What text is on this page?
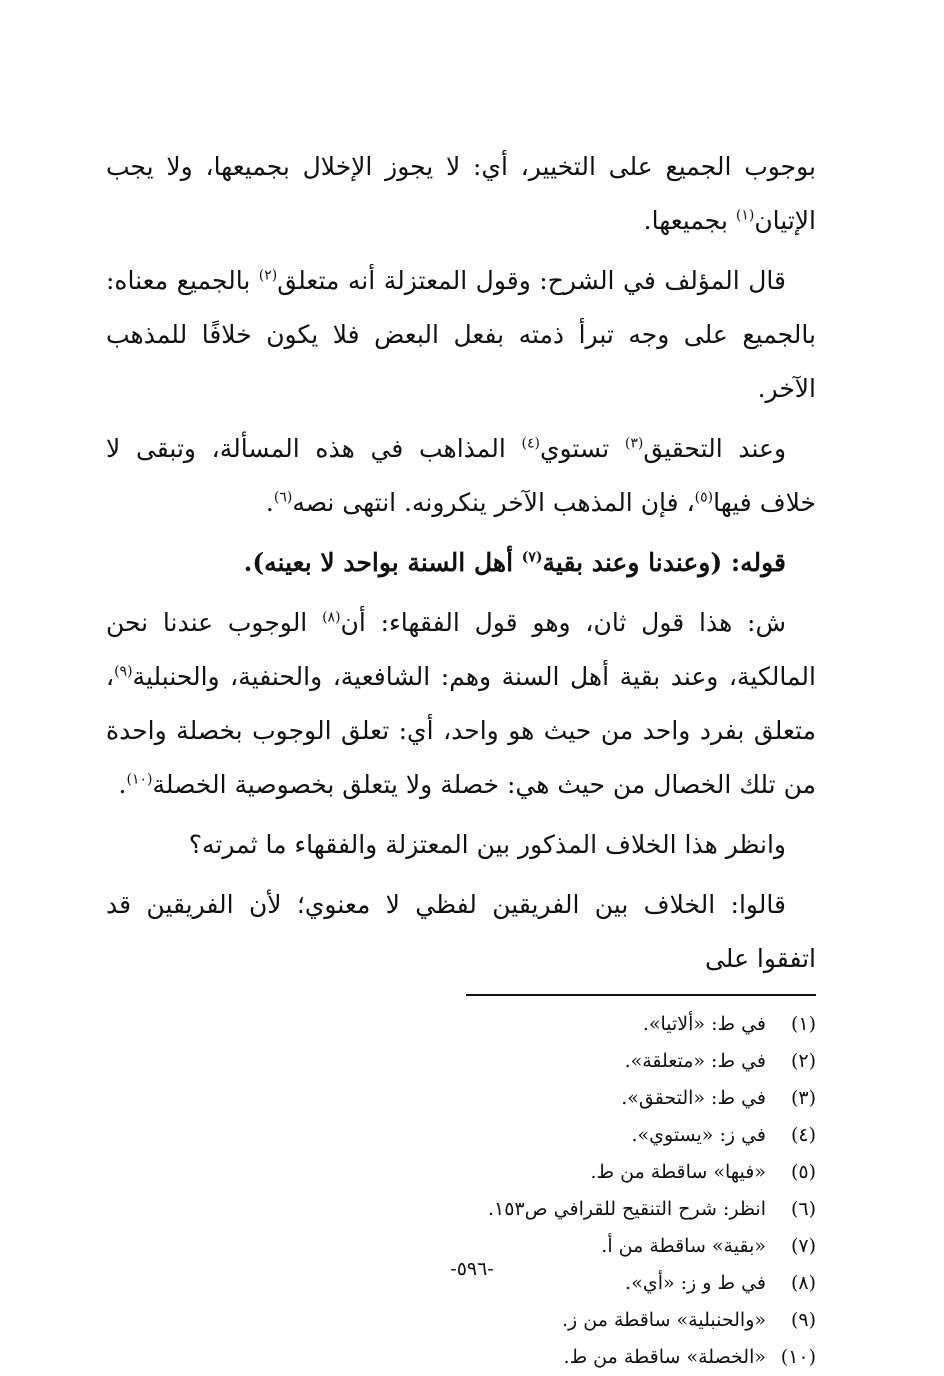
بوجوب الجميع على التخيير، أي: لا يجوز الإخلال بجميعها، ولا يجب الإتيان$^{(١)}$ بجميعها.

قال المؤلف في الشرح: وقول المعتزلة أنه متعلق$^{(٢)}$ بالجميع معناه: بالجميع على وجه تبرأ ذمته بفعل البعض فلا يكون خلافًا للمذهب الآخر.

وعند التحقيق$^{(٣)}$ تستوي$^{(٤)}$ المذاهب في هذه المسألة، وتبقى لا خلاف فيها$^{(٥)}$، فإن المذهب الآخر ينكرونه. انتهى نصه$^{(٦)}$.

قوله: (وعندنا وعند بقية$^{(٧)}$ أهل السنة بواحد لا بعينه).

ش: هذا قول ثان، وهو قول الفقهاء: أن$^{(٨)}$ الوجوب عندنا نحن المالكية، وعند بقية أهل السنة وهم: الشافعية، والحنفية، والحنبلية$^{(٩)}$، متعلق بفرد واحد من حيث هو واحد، أي: تعلق الوجوب بخصلة واحدة من تلك الخصال من حيث هي: خصلة ولا يتعلق بخصوصية الخصلة$^{(١٠)}$.

وانظر هذا الخلاف المذكور بين المعتزلة والفقهاء ما ثمرته؟

قالوا: الخلاف بين الفريقين لفظي لا معنوي؛ لأن الفريقين قد اتفقوا على

(١)
في ط: «ألاتيا».
(٢)
في ط: «متعلقة».
(٣)
في ط: «التحقق».
(٤)
في ز: «يستوي».
(٥)
«فيها» ساقطة من ط.
(٦)
انظر: شرح التنقيح للقرافي ص١٥٣.
(٧)
«بقية» ساقطة من أ.
(٨)
في ط و ز: «أي».
(٩)
«والحنبلية» ساقطة من ز.
(١٠)
«الخصلة» ساقطة من ط.
-٥٩٦-
